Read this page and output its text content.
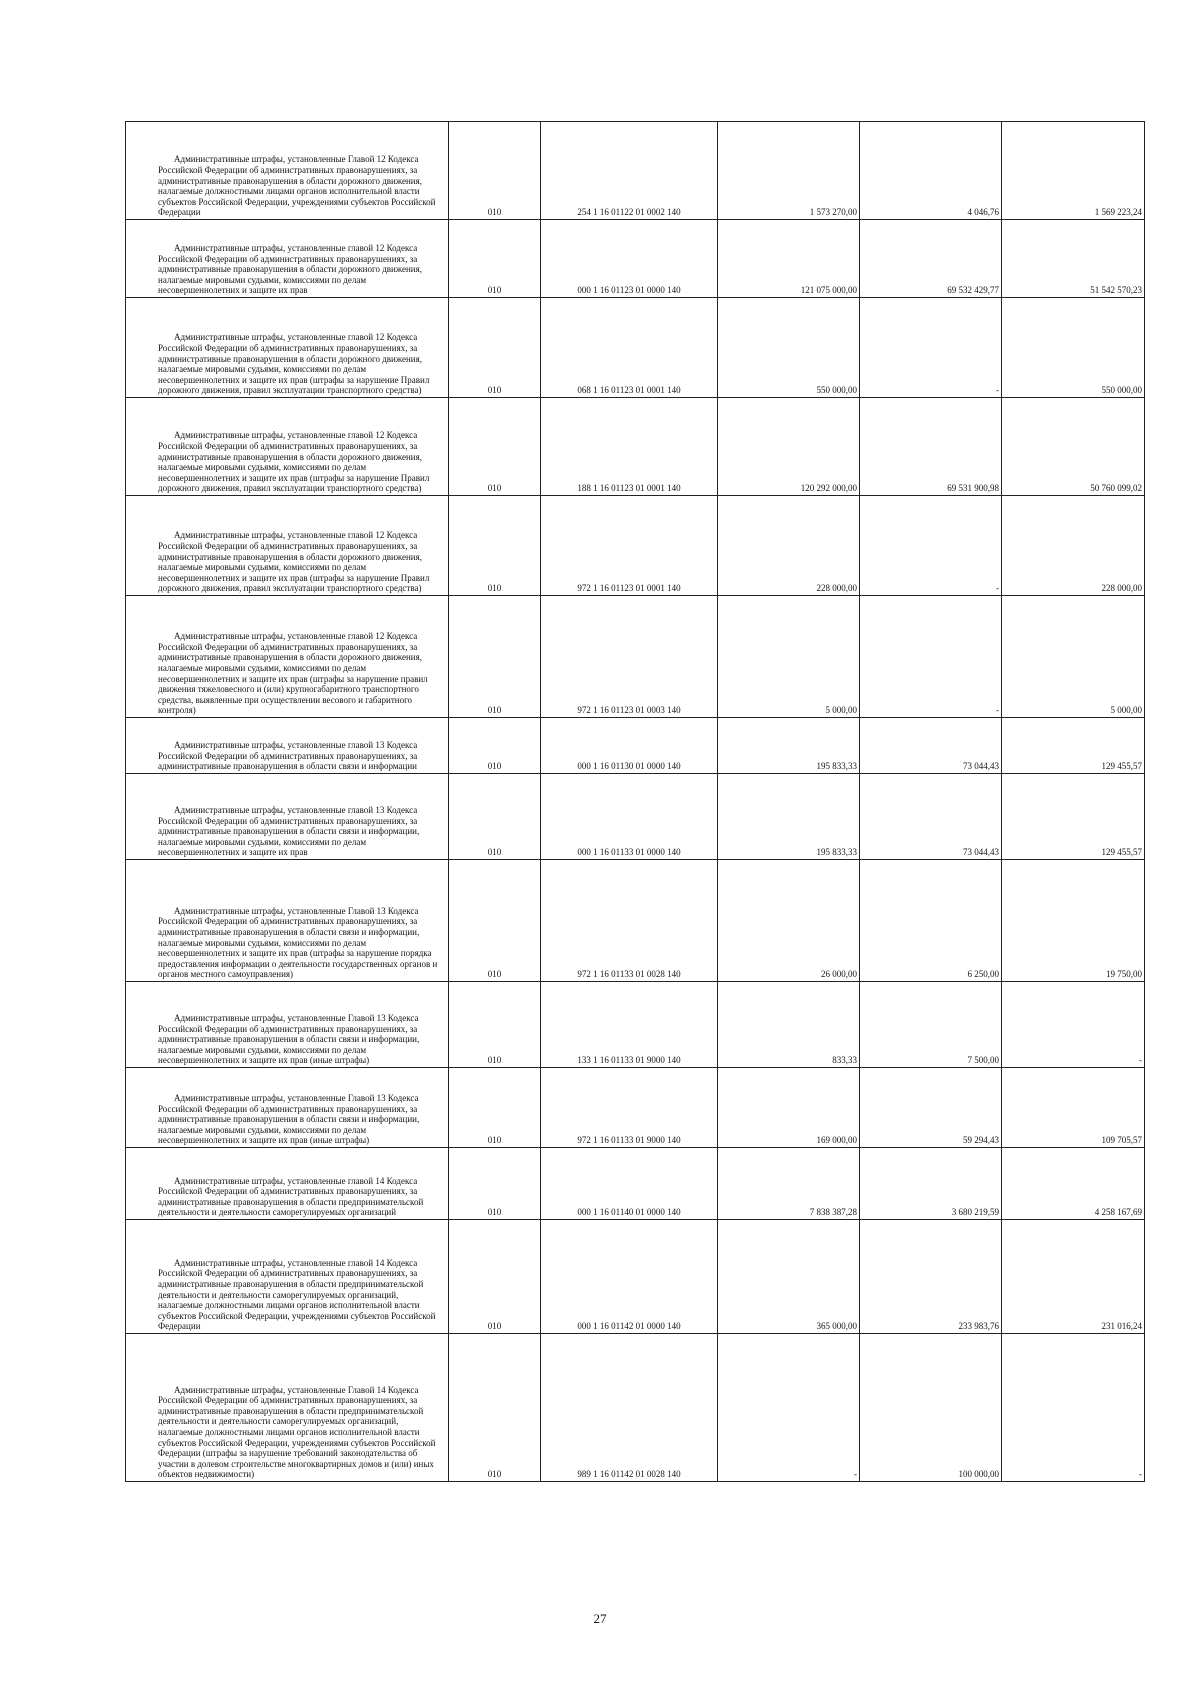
Административные штрафы, установленные Главой 12 Кодекса Российской Федерации об административных правонарушениях, за административные правонарушения в области дорожного движения, налагаемые должностными лицами органов исполнительной власти субъектов Российской Федерации, учреждениями субъектов Российской Федерации	010	254 1 16 01122 01 0002 140	1 573 270,00	4 046,76	1 569 223,24
Административные штрафы, установленные главой 12 Кодекса Российской Федерации об административных правонарушениях, за административные правонарушения в области дорожного движения, налагаемые мировыми судьями, комиссиями по делам несовершеннолетних и защите их прав	010	000 1 16 01123 01 0000 140	121 075 000,00	69 532 429,77	51 542 570,23
Административные штрафы, установленные главой 12 Кодекса Российской Федерации об административных правонарушениях, за административные правонарушения в области дорожного движения, налагаемые мировыми судьями, комиссиями по делам несовершеннолетних и защите их прав (штрафы за нарушение Правил дорожного движения, правил эксплуатации транспортного средства)	010	068 1 16 01123 01 0001 140	550 000,00	-	550 000,00
Административные штрафы, установленные главой 12 Кодекса Российской Федерации об административных правонарушениях, за административные правонарушения в области дорожного движения, налагаемые мировыми судьями, комиссиями по делам несовершеннолетних и защите их прав (штрафы за нарушение Правил дорожного движения, правил эксплуатации транспортного средства)	010	188 1 16 01123 01 0001 140	120 292 000,00	69 531 900,98	50 760 099,02
Административные штрафы, установленные главой 12 Кодекса Российской Федерации об административных правонарушениях, за административные правонарушения в области дорожного движения, налагаемые мировыми судьями, комиссиями по делам несовершеннолетних и защите их прав (штрафы за нарушение Правил дорожного движения, правил эксплуатации транспортного средства)	010	972 1 16 01123 01 0001 140	228 000,00	-	228 000,00
Административные штрафы, установленные главой 12 Кодекса Российской Федерации об административных правонарушениях, за административные правонарушения в области дорожного движения, налагаемые мировыми судьями, комиссиями по делам несовершеннолетних и защите их прав (штрафы за нарушение правил движения тяжеловесного и (или) крупногабаритного транспортного средства, выявленные при осуществлении весового и габаритного контроля)	010	972 1 16 01123 01 0003 140	5 000,00	-	5 000,00
Административные штрафы, установленные главой 13 Кодекса Российской Федерации об административных правонарушениях, за административные правонарушения в области связи и информации	010	000 1 16 01130 01 0000 140	195 833,33	73 044,43	129 455,57
Административные штрафы, установленные главой 13 Кодекса Российской Федерации об административных правонарушениях, за административные правонарушения в области связи и информации, налагаемые мировыми судьями, комиссиями по делам несовершеннолетних и защите их прав	010	000 1 16 01133 01 0000 140	195 833,33	73 044,43	129 455,57
Административные штрафы, установленные Главой 13 Кодекса Российской Федерации об административных правонарушениях, за административные правонарушения в области связи и информации, налагаемые мировыми судьями, комиссиями по делам несовершеннолетних и защите их прав (штрафы за нарушение порядка предоставления информации о деятельности государственных органов и органов местного самоуправления)	010	972 1 16 01133 01 0028 140	26 000,00	6 250,00	19 750,00
Административные штрафы, установленные Главой 13 Кодекса Российской Федерации об административных правонарушениях, за административные правонарушения в области связи и информации, налагаемые мировыми судьями, комиссиями по делам несовершеннолетних и защите их прав (иные штрафы)	010	133 1 16 01133 01 9000 140	833,33	7 500,00	-
Административные штрафы, установленные Главой 13 Кодекса Российской Федерации об административных правонарушениях, за административные правонарушения в области связи и информации, налагаемые мировыми судьями, комиссиями по делам несовершеннолетних и защите их прав (иные штрафы)	010	972 1 16 01133 01 9000 140	169 000,00	59 294,43	109 705,57
Административные штрафы, установленные главой 14 Кодекса Российской Федерации об административных правонарушениях, за административные правонарушения в области предпринимательской деятельности и деятельности саморегулируемых организаций	010	000 1 16 01140 01 0000 140	7 838 387,28	3 680 219,59	4 258 167,69
Административные штрафы, установленные главой 14 Кодекса Российской Федерации об административных правонарушениях, за административные правонарушения в области предпринимательской деятельности и деятельности саморегулируемых организаций, налагаемые должностными лицами органов исполнительной власти субъектов Российской Федерации, учреждениями субъектов Российской Федерации	010	000 1 16 01142 01 0000 140	365 000,00	233 983,76	231 016,24
Административные штрафы, установленные Главой 14 Кодекса Российской Федерации об административных правонарушениях, за административные правонарушения в области предпринимательской деятельности и деятельности саморегулируемых организаций, налагаемые должностными лицами органов исполнительной власти субъектов Российской Федерации, учреждениями субъектов Российской Федерации (штрафы за нарушение требований законодательства об участии в долевом строительстве многоквартирных домов и (или) иных объектов недвижимости)	010	989 1 16 01142 01 0028 140	-	100 000,00	-
27
